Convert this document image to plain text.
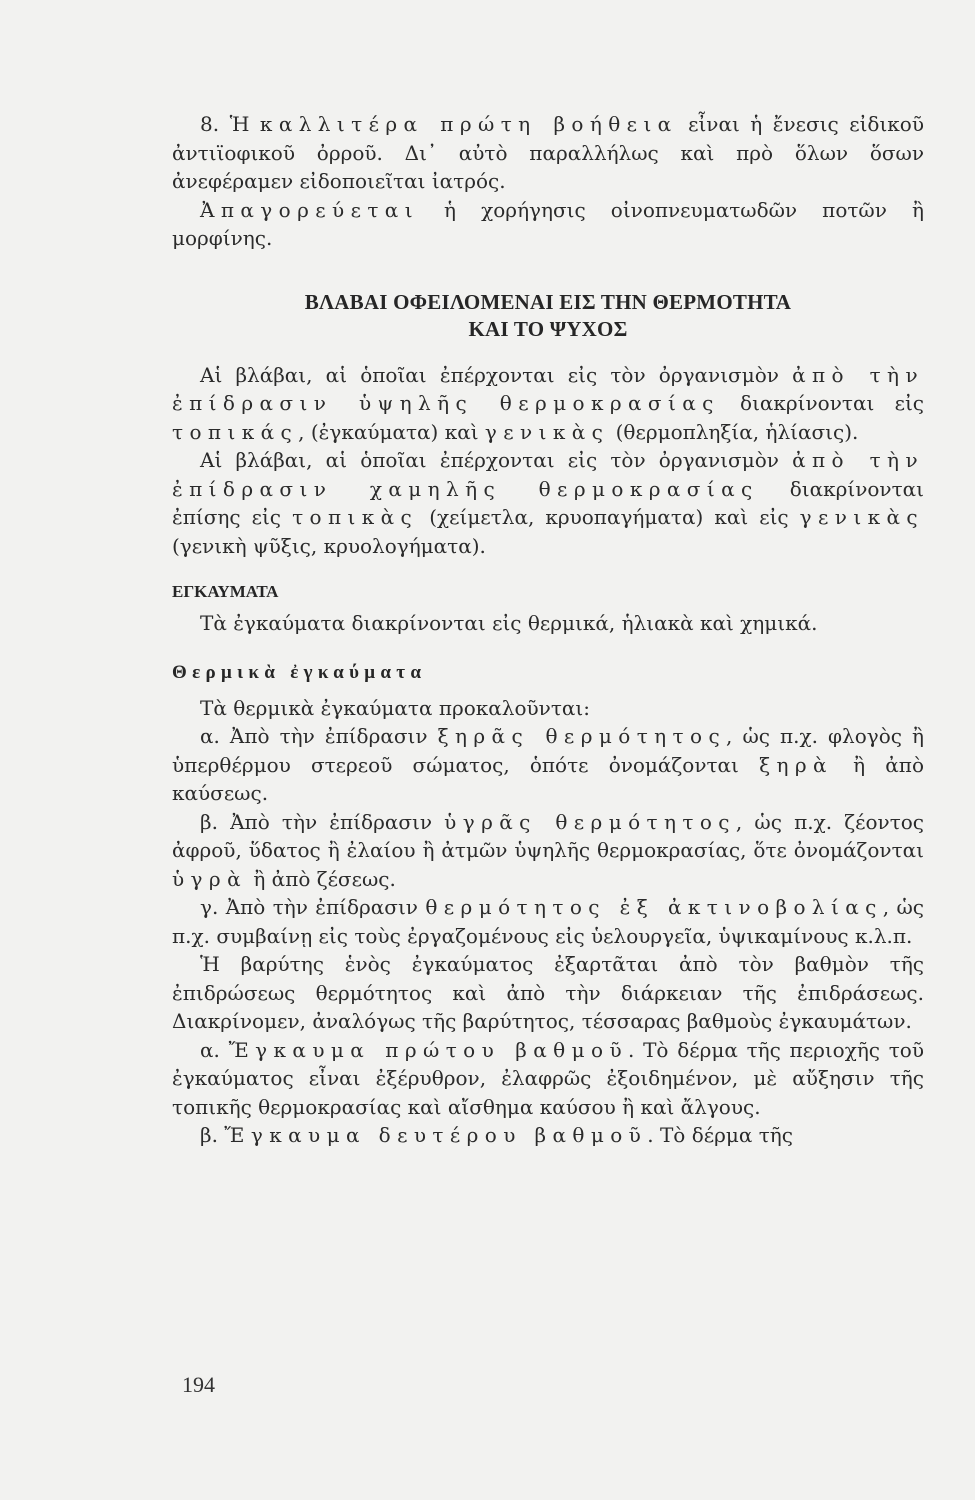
8. Ἡ καλλιτέρα πρώτη βοήθεια εἶναι ἡ ἔνεσις εἰδικοῦ ἀντιϊοφικοῦ ὀρροῦ. Δι᾽ αὐτὸ παραλλήλως καὶ πρὸ ὅλων ὅσων ἀνεφέραμεν εἰδοποιεῖται ἰατρός.

Ἀπαγορεύεται ἡ χορήγησις οἰνοπνευματωδῶν ποτῶν ἢ μορφίνης.

ΒΛΑΒΑΙ ΟΦΕΙΛΟΜΕΝΑΙ ΕΙΣ ΤΗΝ ΘΕΡΜΟΤΗΤΑ
ΚΑΙ ΤΟ ΨΥΧΟΣ

Αἱ βλάβαι, αἱ ὁποῖαι ἐπέρχονται εἰς τὸν ὀργανισμὸν ἀπὸ τὴν ἐπίδρασιν ὑψηλῆς θερμοκρασίας διακρίνονται εἰς τοπικάς, (ἐγκαύματα) καὶ γενικὰς (θερμοπληξία, ἡλίασις).

Αἱ βλάβαι, αἱ ὁποῖαι ἐπέρχονται εἰς τὸν ὀργανισμὸν ἀπὸ τὴν ἐπίδρασιν χαμηλῆς θερμοκρασίας διακρίνονται ἐπίσης εἰς τοπικὰς (χείμετλα, κρυοπαγήματα) καὶ εἰς γενικὰς (γενικὴ ψῦξις, κρυολογήματα).

ΕΓΚΑΥΜΑΤΑ

Τὰ ἐγκαύματα διακρίνονται εἰς θερμικά, ἡλιακὰ καὶ χημικά.

Θερμικὰ ἐγκαύματα

Τὰ θερμικὰ ἐγκαύματα προκαλοῦνται:

α. Ἀπὸ τὴν ἐπίδρασιν ξηρᾶς θερμότητος, ὡς π.χ. φλογὸς ἢ ὑπερθέρμου στερεοῦ σώματος, ὁπότε ὀνομάζονται ξηρὰ ἢ ἀπὸ καύσεως.

β. Ἀπὸ τὴν ἐπίδρασιν ὑγρᾶς θερμότητος, ὡς π.χ. ζέοντος ἀφροῦ, ὕδατος ἢ ἐλαίου ἢ ἀτμῶν ὑψηλῆς θερμοκρασίας, ὅτε ὀνομάζονται ὑγρὰ ἢ ἀπὸ ζέσεως.

γ. Ἀπὸ τὴν ἐπίδρασιν θερμότητος ἐξ ἀκτινοβολίας, ὡς π.χ. συμβαίνῃ εἰς τοὺς ἐργαζομένους εἰς ὑελουργεῖα, ὑψικαμίνους κ.λ.π.

Ἡ βαρύτης ἑνὸς ἐγκαύματος ἐξαρτᾶται ἀπὸ τὸν βαθμὸν τῆς ἐπιδρώσεως θερμότητος καὶ ἀπὸ τὴν διάρκειαν τῆς ἐπιδράσεως. Διακρίνομεν, ἀναλόγως τῆς βαρύτητος, τέσσαρας βαθμοὺς ἐγκαυμάτων.

α. Ἔγκαυμα πρώτου βαθμοῦ. Τὸ δέρμα τῆς περιοχῆς τοῦ ἐγκαύματος εἶναι ἐξέρυθρον, ἐλαφρῶς ἐξοιδημένον, μὲ αὔξησιν τῆς τοπικῆς θερμοκρασίας καὶ αἴσθημα καύσου ἢ καὶ ἄλγους.

β. Ἔγκαυμα δευτέρου βαθμοῦ. Τὸ δέρμα τῆς

194
